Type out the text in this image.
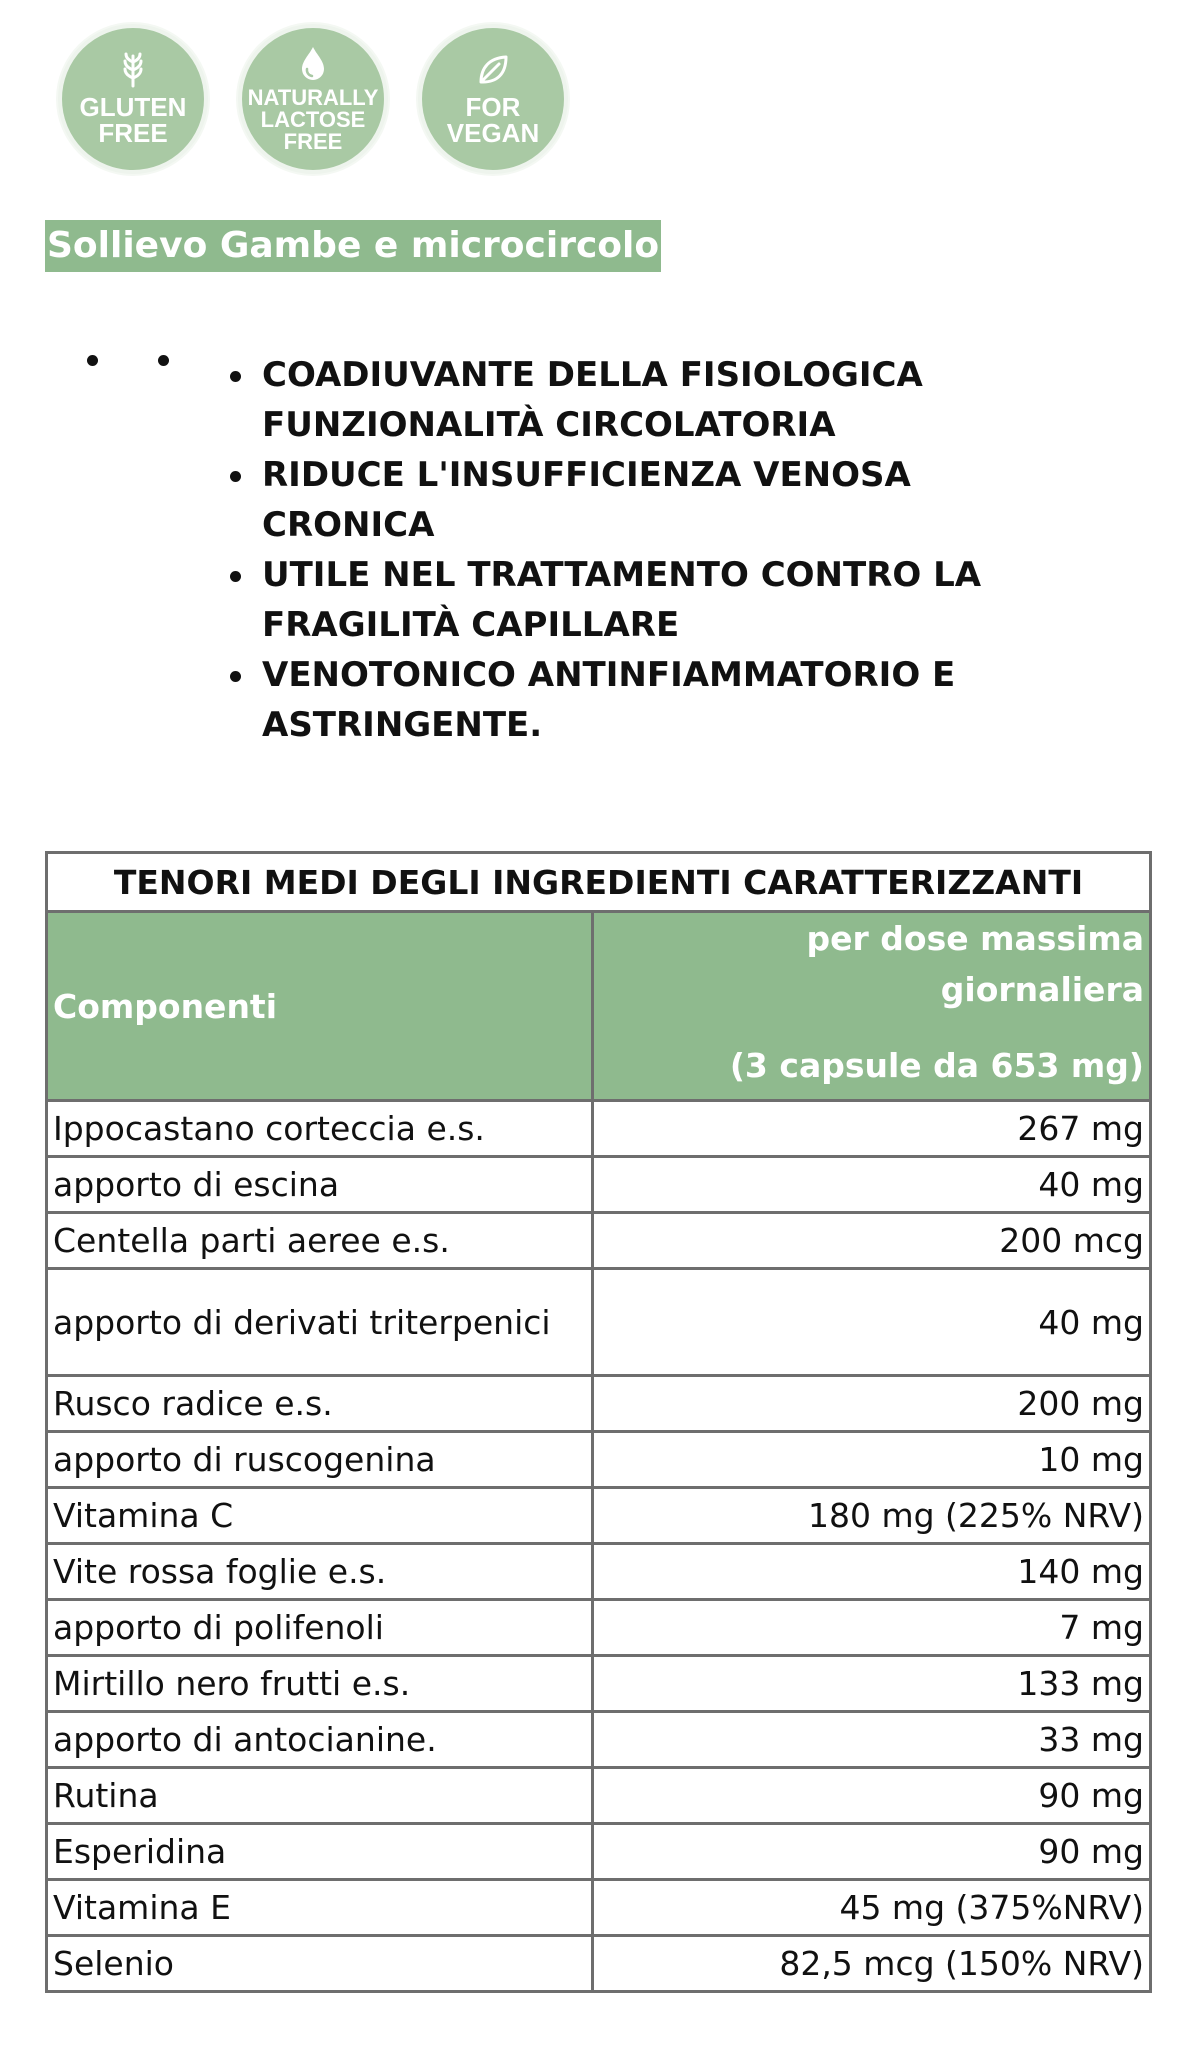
GLUTEN
FREE
NATURALLY
LACTOSE
FREE
FOR
VEGAN
Sollievo Gambe e microcircolo
COADIUVANTE DELLA FISIOLOGICA FUNZIONALITÀ CIRCOLATORIA
RIDUCE L'INSUFFICIENZA VENOSA CRONICA
UTILE NEL TRATTAMENTO CONTRO LA FRAGILITÀ CAPILLARE
VENOTONICO ANTINFIAMMATORIO E ASTRINGENTE.
TENORI MEDI DEGLI INGREDIENTI CARATTERIZZANTI	
Componenti	per dose massima giornaliera
(3 capsule da 653 mg)

Ippocastano corteccia e.s.	267 mg
apporto di escina	40 mg
Centella parti aeree e.s.	200 mcg
apporto di derivati triterpenici	40 mg
Rusco radice e.s.	200 mg
apporto di ruscogenina	10 mg
Vitamina C	180 mg (225% NRV)
Vite rossa foglie e.s.	140 mg
apporto di polifenoli	7 mg
Mirtillo nero frutti e.s.	133 mg
apporto di antocianine.	33 mg
Rutina	90 mg
Esperidina	90 mg
Vitamina E	45 mg (375%NRV)
Selenio	82,5 mcg (150% NRV)
